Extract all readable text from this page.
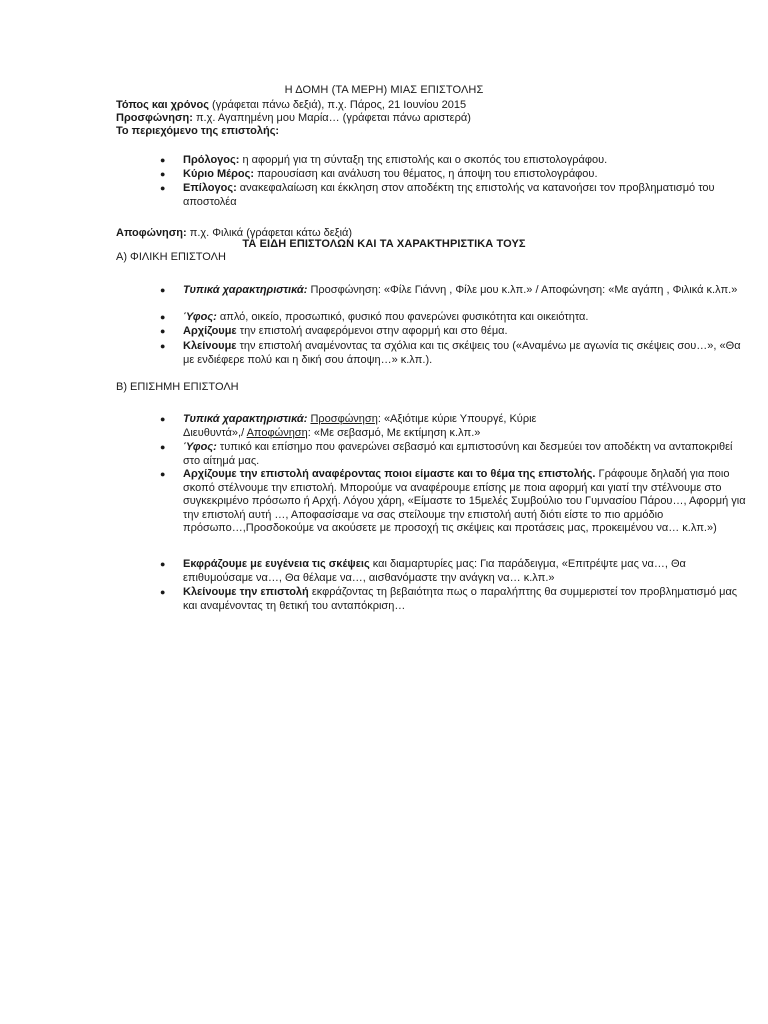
Η ΔΟΜΗ (ΤΑ ΜΕΡΗ) ΜΙΑΣ ΕΠΙΣΤΟΛΗΣ
Τόπος και χρόνος (γράφεται πάνω δεξιά), π.χ. Πάρος, 21 Ιουνίου 2015
Προσφώνηση: π.χ. Αγαπημένη μου Μαρία… (γράφεται πάνω αριστερά)
Το περιεχόμενο της επιστολής:
● Πρόλογος: η αφορμή για τη σύνταξη της επιστολής και ο σκοπός του επιστολογράφου.
● Κύριο Μέρος: παρουσίαση και ανάλυση του θέματος, η άποψη του επιστολογράφου.
● Επίλογος: ανακεφαλαίωση και έκκληση στον αποδέκτη της επιστολής να κατανοήσει τον προβληματισμό του αποστολέα
Αποφώνηση: π.χ. Φιλικά (γράφεται κάτω δεξιά)
ΤΑ ΕΙΔΗ ΕΠΙΣΤΟΛΩΝ ΚΑΙ ΤΑ ΧΑΡΑΚΤΗΡΙΣΤΙΚΑ ΤΟΥΣ
Α) ΦΙΛΙΚΗ ΕΠΙΣΤΟΛΗ
● Τυπικά χαρακτηριστικά: Προσφώνηση: «Φίλε Γιάννη , Φίλε μου κ.λπ.» / Αποφώνηση: «Με αγάπη , Φιλικά κ.λπ.»
● Ύφος: απλό, οικείο, προσωπικό, φυσικό που φανερώνει φυσικότητα και οικειότητα.
● Αρχίζουμε την επιστολή αναφερόμενοι στην αφορμή και στο θέμα.
● Κλείνουμε την επιστολή αναμένοντας τα σχόλια και τις σκέψεις του («Αναμένω με αγωνία τις σκέψεις σου…», «Θα με ενδιέφερε πολύ και η δική σου άποψη…» κ.λπ.).
Β) ΕΠΙΣΗΜΗ ΕΠΙΣΤΟΛΗ
● Τυπικά χαρακτηριστικά: Προσφώνηση: «Αξιότιμε κύριε Υπουργέ, Κύριε Διευθυντά»,/ Αποφώνηση: «Με σεβασμό, Με εκτίμηση κ.λπ.»
● Ύφος: τυπικό και επίσημο που φανερώνει σεβασμό και εμπιστοσύνη και δεσμεύει τον αποδέκτη να ανταποκριθεί στο αίτημά μας.
● Αρχίζουμε την επιστολή αναφέροντας ποιοι είμαστε και το θέμα της επιστολής. Γράφουμε δηλαδή για ποιο σκοπό στέλνουμε την επιστολή. Μπορούμε να αναφέρουμε επίσης με ποια αφορμή και γιατί την στέλνουμε στο συγκεκριμένο πρόσωπο ή Αρχή. Λόγου χάρη, «Είμαστε το 15μελές Συμβούλιο του Γυμνασίου Πάρου…, Αφορμή για την επιστολή αυτή …, Αποφασίσαμε να σας στείλουμε την επιστολή αυτή διότι είστε το πιο αρμόδιο πρόσωπο…,Προσδοκούμε να ακούσετε με προσοχή τις σκέψεις και προτάσεις μας, προκειμένου να… κ.λπ.»)
● Εκφράζουμε με ευγένεια τις σκέψεις και διαμαρτυρίες μας: Για παράδειγμα, «Επιτρέψτε μας να…, Θα επιθυμούσαμε να…, Θα θέλαμε να…, αισθανόμαστε την ανάγκη να… κ.λπ.»
● Κλείνουμε την επιστολή εκφράζοντας τη βεβαιότητα πως ο παραλήπτης θα συμμεριστεί τον προβληματισμό μας και αναμένοντας τη θετική του ανταπόκριση…
